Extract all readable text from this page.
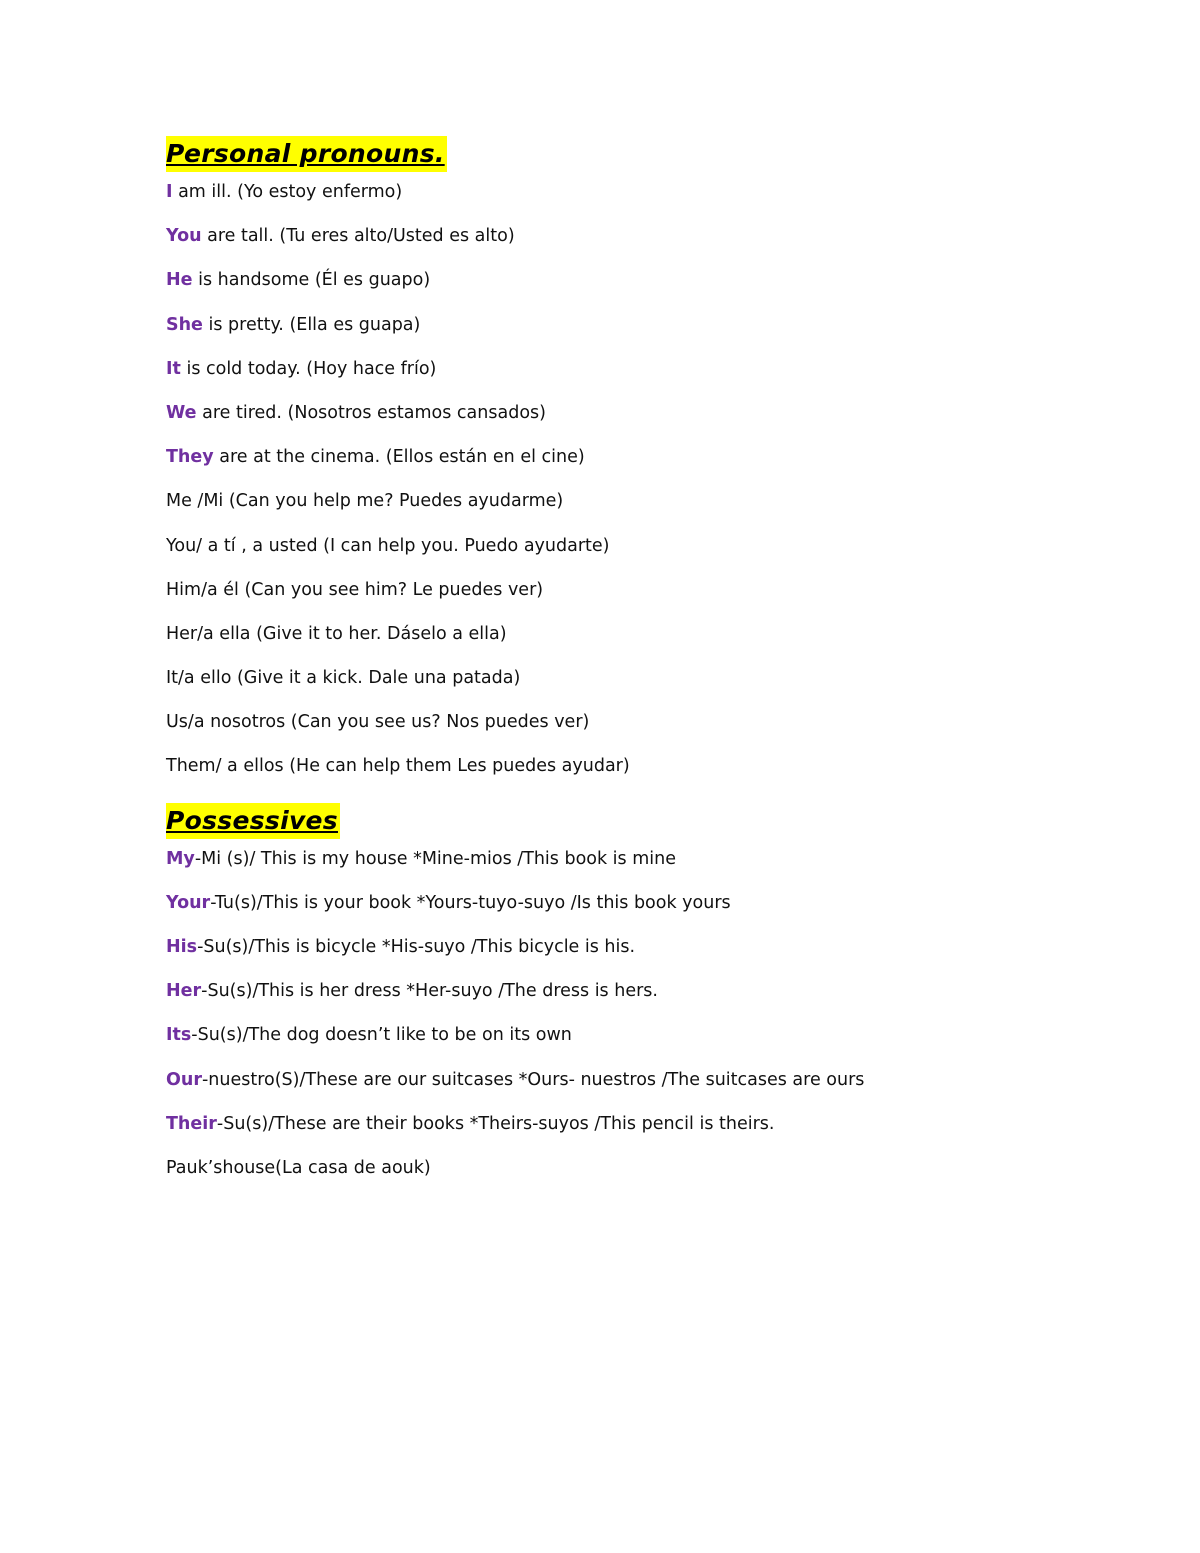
Personal pronouns.
I am ill. (Yo estoy enfermo)
You are tall. (Tu eres alto/Usted es alto)
He is handsome (Él es guapo)
She is pretty. (Ella es guapa)
It is cold today. (Hoy hace frío)
We are tired. (Nosotros estamos cansados)
They are at the cinema. (Ellos están en el cine)
Me /Mi (Can you help me? Puedes ayudarme)
You/ a tí , a usted (I can help you. Puedo ayudarte)
Him/a él (Can you see him? Le puedes ver)
Her/a ella (Give it to her. Dáselo a ella)
It/a ello (Give it a kick. Dale una patada)
Us/a nosotros (Can you see us? Nos puedes ver)
Them/ a ellos (He can help them Les puedes ayudar)
Possessives
My-Mi (s)/ This is my house *Mine-mios /This book is mine
Your-Tu(s)/This is your book *Yours-tuyo-suyo /Is this book yours
His-Su(s)/This is bicycle *His-suyo /This bicycle is his.
Her-Su(s)/This is her dress *Her-suyo /The dress is hers.
Its-Su(s)/The dog doesn’t like to be on its own
Our-nuestro(S)/These are our suitcases *Ours- nuestros /The suitcases are ours
Their-Su(s)/These are their books *Theirs-suyos /This pencil is theirs.
Pauk’shouse(La casa de aouk)
